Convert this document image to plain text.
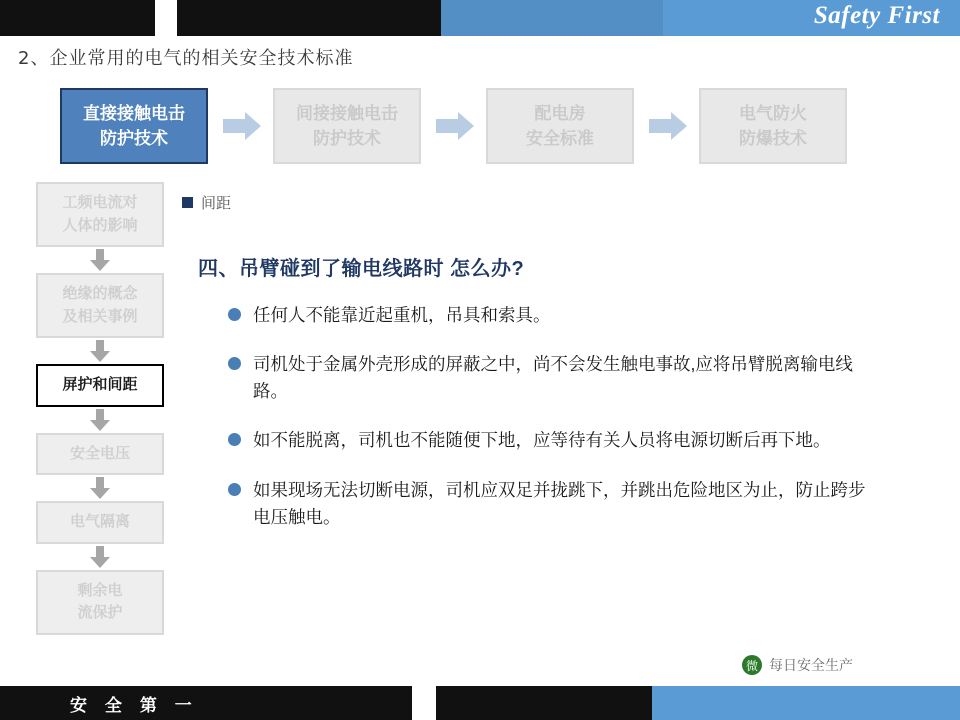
Safety First
2、企业常用的电气的相关安全技术标准
直接接触电击
防护技术
间接接触电击
防护技术
配电房
安全标准
电气防火
防爆技术
工频电流对
人体的影响
绝缘的概念
及相关事例
屏护和间距
安全电压
电气隔离
剩余电
流保护
间距
四、吊臂碰到了输电线路时 怎么办?
任何人不能靠近起重机，吊具和索具。
司机处于金属外壳形成的屏蔽之中，尚不会发生触电事故,应将吊臂脱离输电线路。
如不能脱离，司机也不能随便下地，应等待有关人员将电源切断后再下地。
如果现场无法切断电源，司机应双足并拢跳下，并跳出危险地区为止，防止跨步电压触电。
微 每日安全生产
安 全 第 一
